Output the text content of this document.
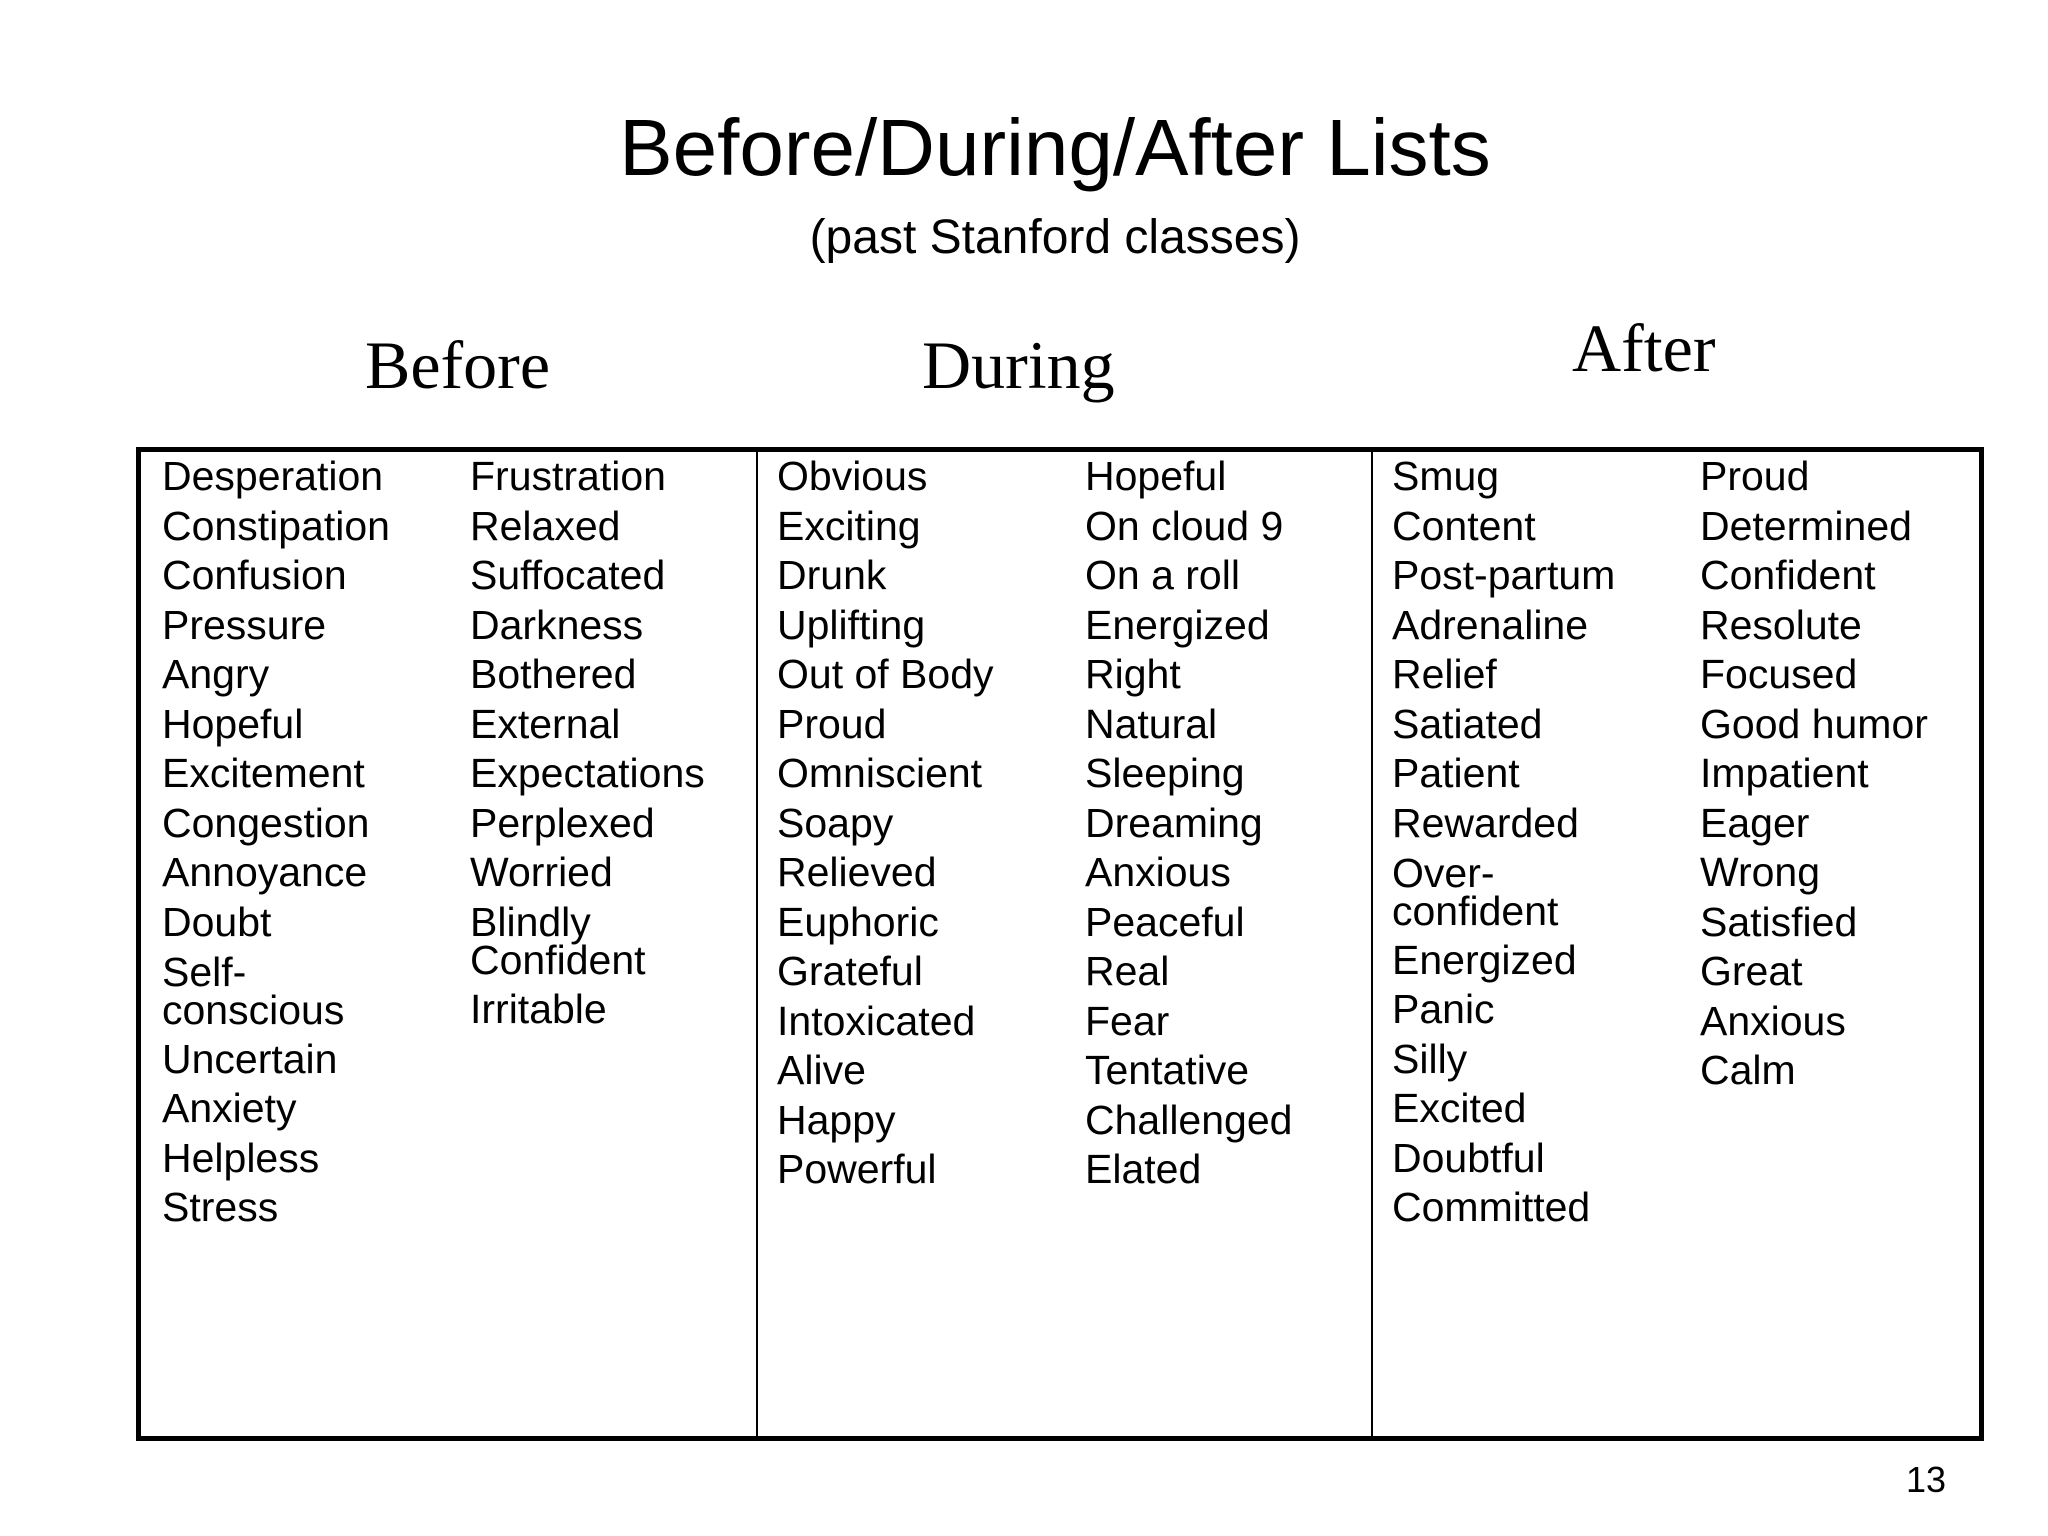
Before/During/After Lists
(past Stanford classes)
Before	During	After
Desperation
Constipation
Confusion
Pressure
Angry
Hopeful
Excitement
Congestion
Annoyance
Doubt
Self-
conscious
Uncertain
Anxiety
Helpless
Stress
Frustration
Relaxed
Suffocated
Darkness
Bothered
External
Expectations
Perplexed
Worried
Blindly
Confident
Irritable
Obvious
Exciting
Drunk
Uplifting
Out of Body
Proud
Omniscient
Soapy
Relieved
Euphoric
Grateful
Intoxicated
Alive
Happy
Powerful
Hopeful
On cloud 9
On a roll
Energized
Right
Natural
Sleeping
Dreaming
Anxious
Peaceful
Real
Fear
Tentative
Challenged
Elated
Smug
Content
Post-partum
Adrenaline
Relief
Satiated
Patient
Rewarded
Over-
confident
Energized
Panic
Silly
Excited
Doubtful
Committed
Proud
Determined
Confident
Resolute
Focused
Good humor
Impatient
Eager
Wrong
Satisfied
Great
Anxious
Calm
13
